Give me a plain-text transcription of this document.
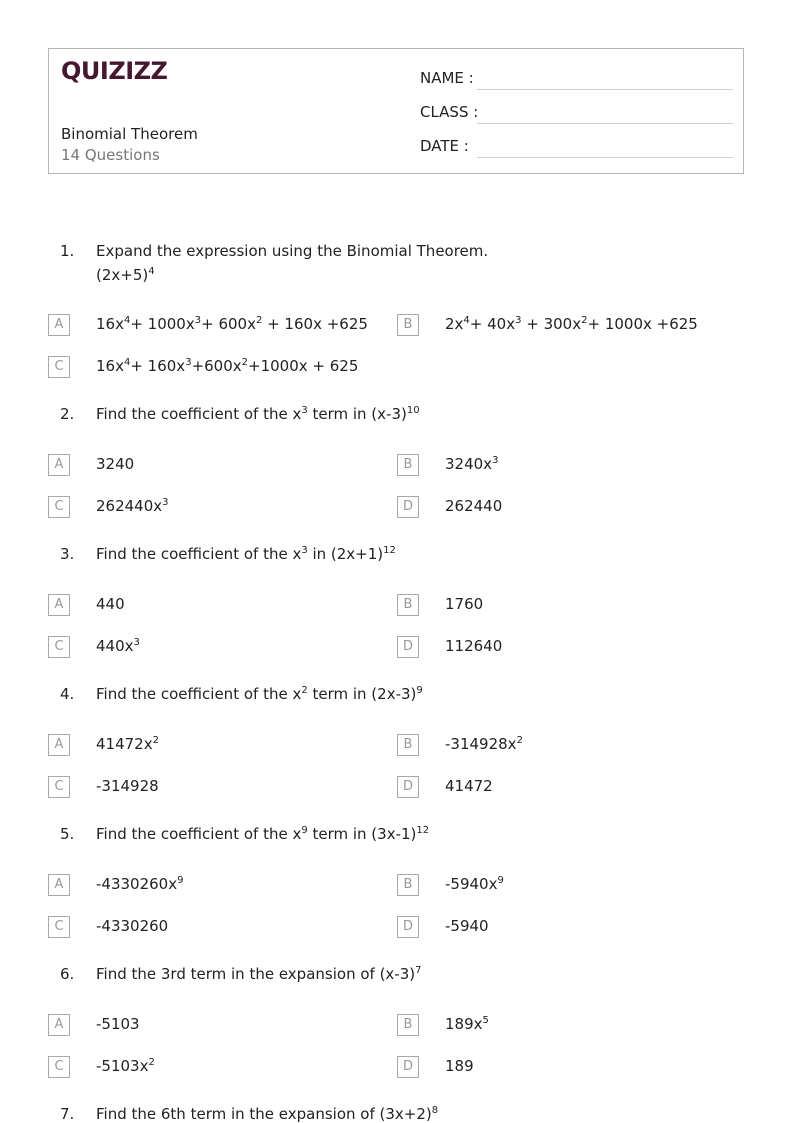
QUIZIZZ
Binomial Theorem
14 Questions
NAME :
CLASS :
DATE :
1. Expand the expression using the Binomial Theorem.
$(2x+5)^4$
A	$16x^4+ 1000x^3+ 600x^2 + 160x +625$	B	$2x^4+ 40x^3 + 300x^2+ 1000x +625$
C	$16x^4+ 160x^3+600x^2+1000x + 625$
2. Find the coefficient of the $x^3$ term in $(x-3)^{10}$
A	3240	B	$3240x^3$
C	$262440x^3$	D	262440
3. Find the coefficient of the $x^3$ in $(2x+1)^{12}$
A	440	B	1760
C	$440x^3$	D	112640
4. Find the coefficient of the $x^2$ term in $(2x-3)^9$
A	$41472x^2$	B	$-314928x^2$
C	-314928	D	41472
5. Find the coefficient of the $x^9$ term in $(3x-1)^{12}$
A	$-4330260x^9$	B	$-5940x^9$
C	-4330260	D	-5940
6. Find the 3rd term in the expansion of $(x-3)^7$
A	-5103	B	$189x^5$
C	$-5103x^2$	D	189
7. Find the 6th term in the expansion of $(3x+2)^8$
